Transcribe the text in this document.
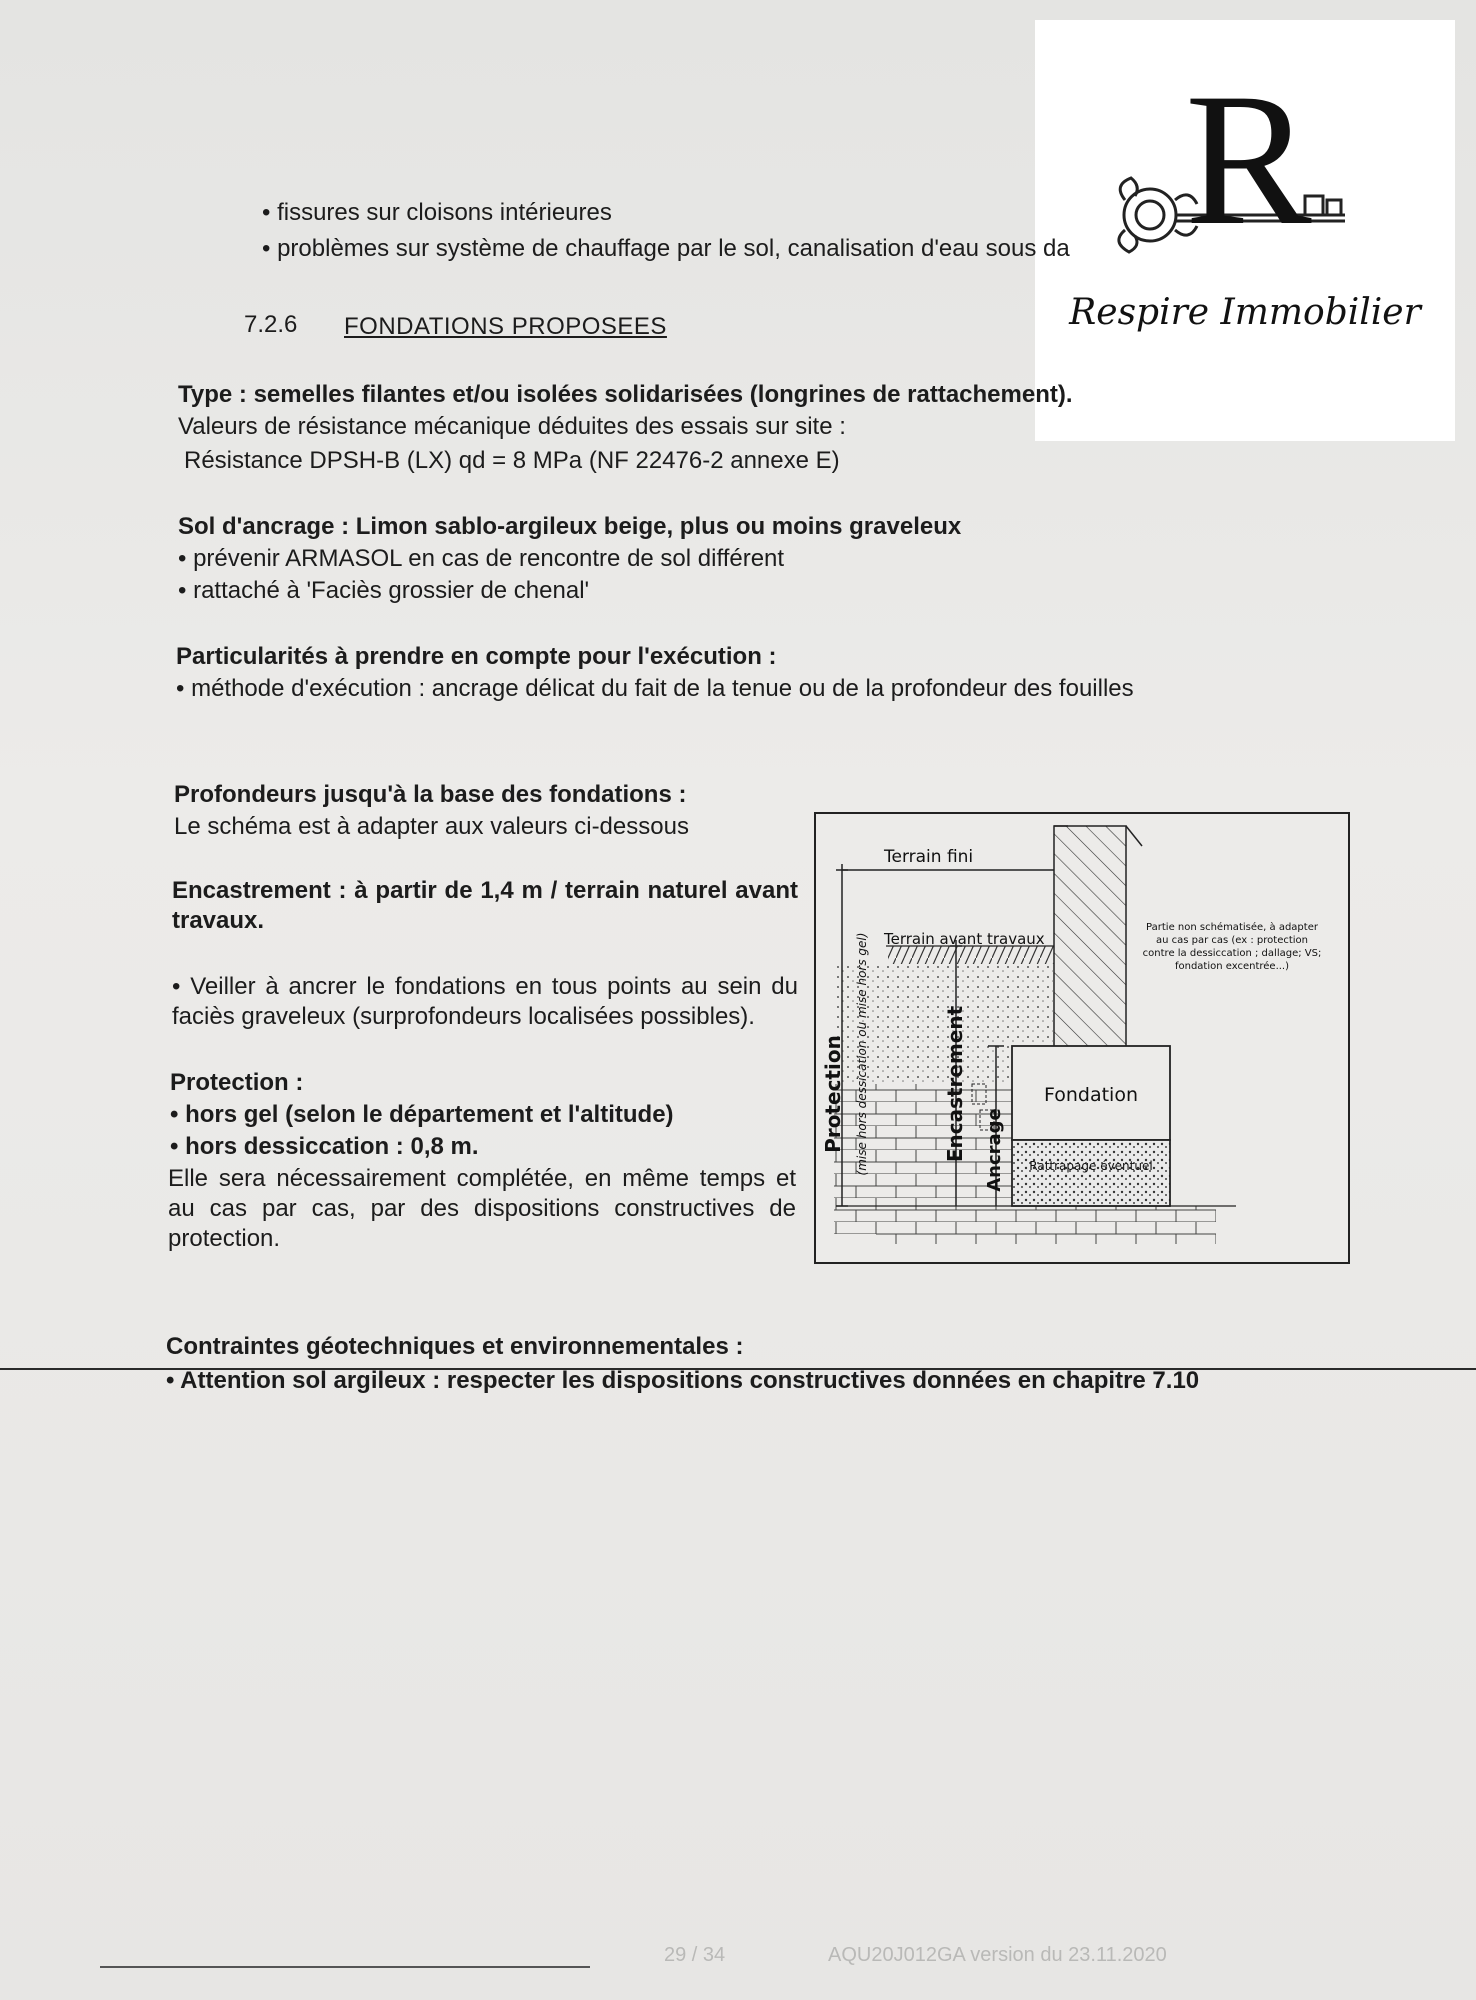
R
Respire Immobilier
• fissures sur cloisons intérieures
• problèmes sur système de chauffage par le sol, canalisation d'eau sous da
7.2.6 FONDATIONS PROPOSEES
Type : semelles filantes et/ou isolées solidarisées (longrines de rattachement).
Valeurs de résistance mécanique déduites des essais sur site :
Résistance DPSH-B (LX) qd = 8 MPa (NF 22476-2 annexe E)
Sol d'ancrage : Limon sablo-argileux beige, plus ou moins graveleux
• prévenir ARMASOL en cas de rencontre de sol différent
• rattaché à 'Faciès grossier de chenal'
Particularités à prendre en compte pour l'exécution :
• méthode d'exécution : ancrage délicat du fait de la tenue ou de la profondeur des fouilles
Profondeurs jusqu'à la base des fondations :
Le schéma est à adapter aux valeurs ci-dessous
Encastrement : à partir de 1,4 m / terrain naturel avant travaux.
• Veiller à ancrer le fondations en tous points au sein du faciès graveleux (surprofondeurs localisées possibles).
Protection :
• hors gel (selon le département et l'altitude)
• hors dessiccation : 0,8 m.
Elle sera nécessairement complétée, en même temps et au cas par cas, par des dispositions constructives de protection.
Terrain fini
Terrain avant travaux
Partie non schématisée, à adapter
au cas par cas (ex : protection
contre la dessiccation ; dallage; VS;
fondation excentrée...)
Fondation
Rattrapage éventuel
Protection (mise hors dessication ou mise hors gel)	Encastrement Ancrage
Contraintes géotechniques et environnementales :
• Attention sol argileux : respecter les dispositions constructives données en chapitre 7.10
29 / 34	AQU20J012GA version du 23.11.2020
